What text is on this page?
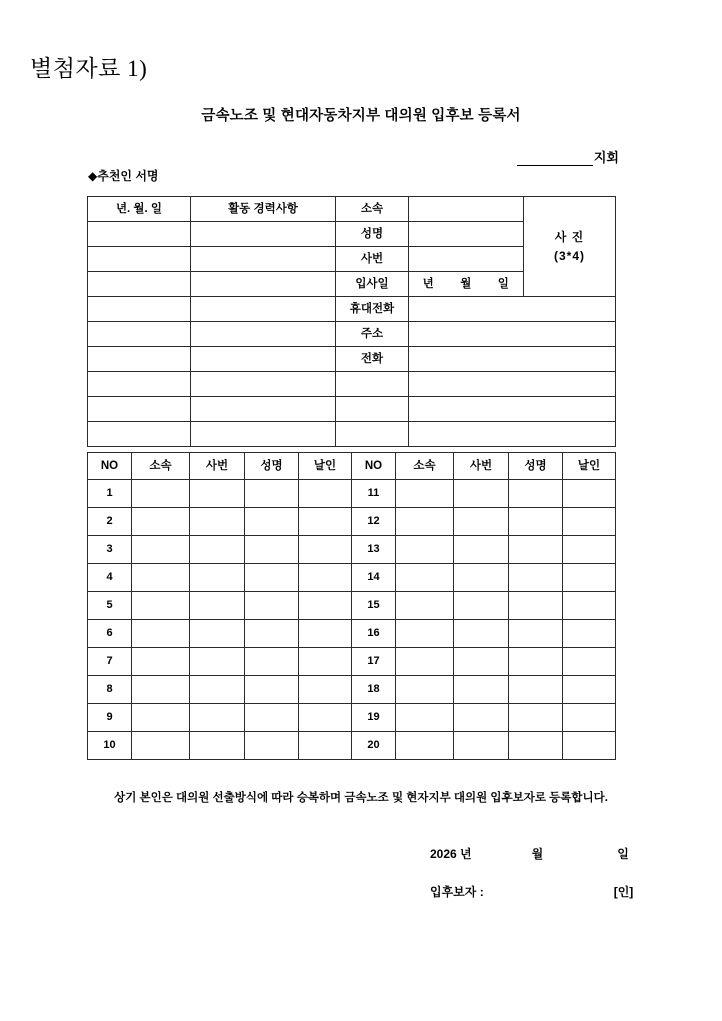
별첨자료 1)
금속노조 및 현대자동차지부 대의원 입후보 등록서
지회
◆추천인 서명
년. 월. 일	활동 경력사항	소속		사 진
(3*4)

		성명		
		사번		
		입사일	년 월 일	
		휴대전화		
		주소		
		전화		

NO	소속	사번	성명	날인	NO	소속	사번	성명	날인
1					11				
2					12				
3					13				
4					14				
5					15				
6					16				
7					17				
8					18				
9					19				
10					20				
상기 본인은 대의원 선출방식에 따라 승복하며 금속노조 및 현자지부 대의원 입후보자로 등록합니다.
2026 년	월	일
입후보자 :	[인]
